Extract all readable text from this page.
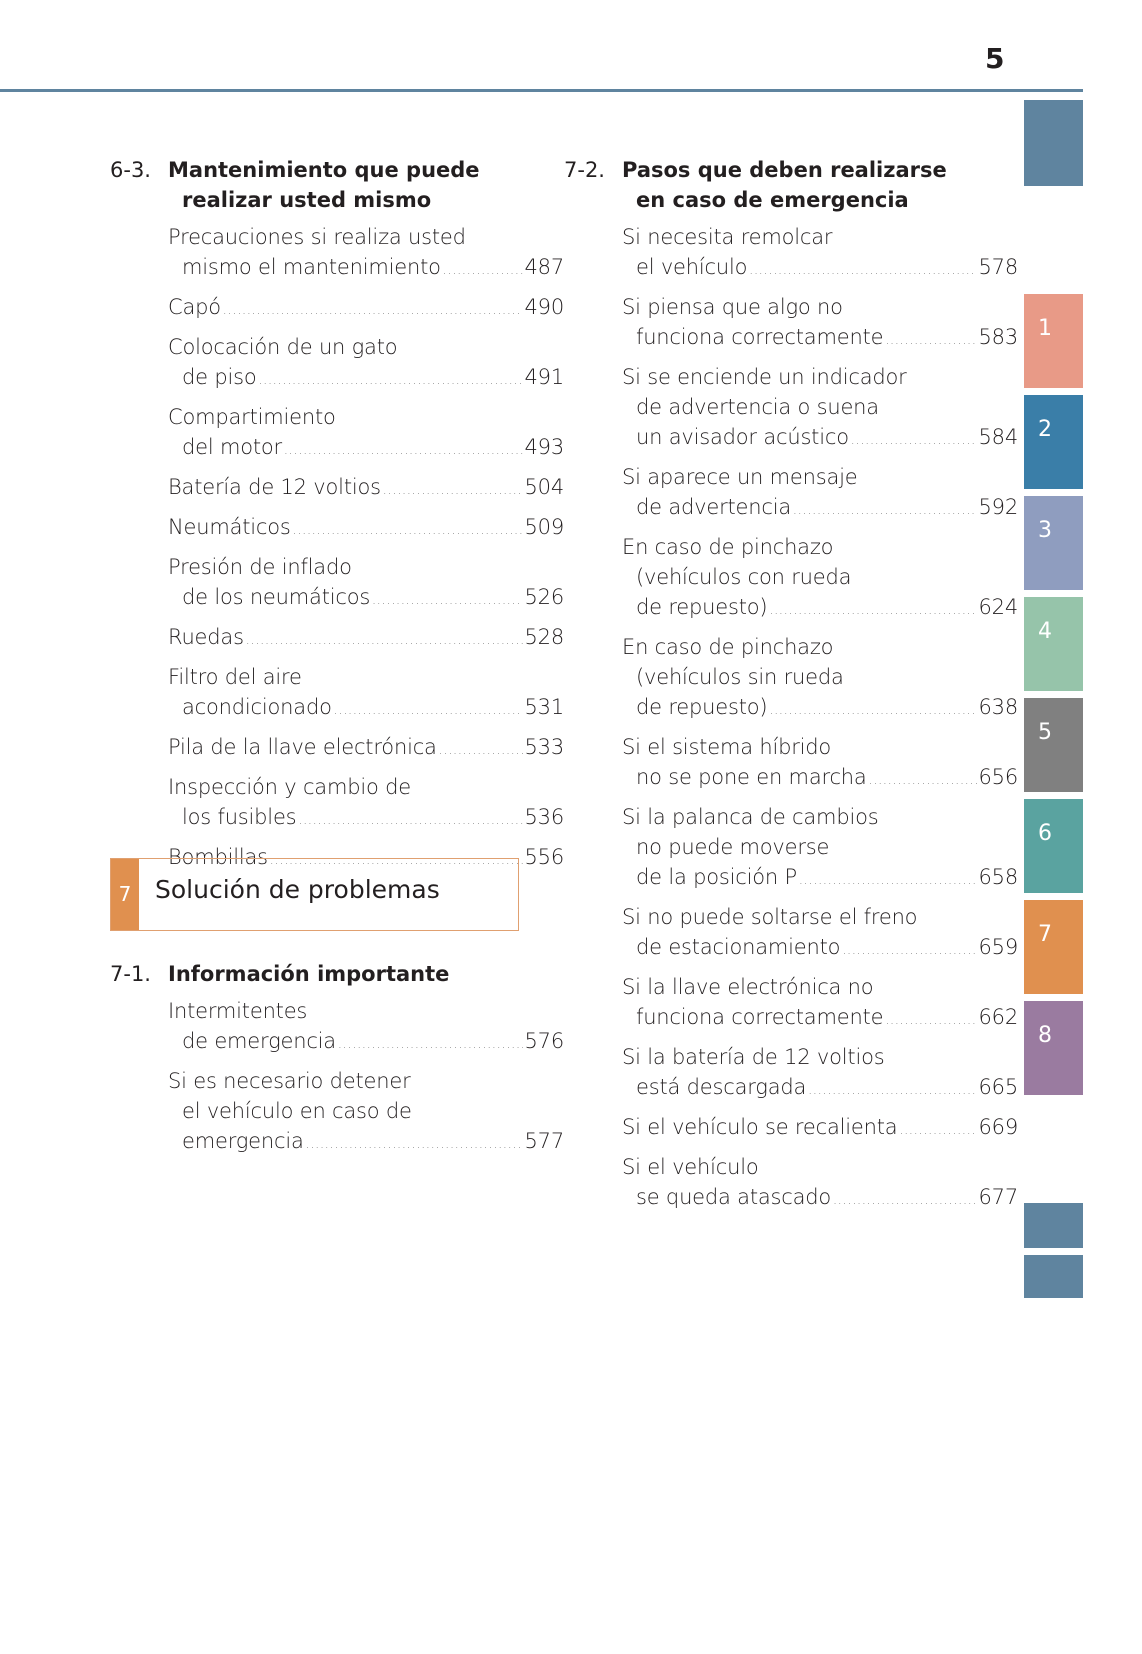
5
1
2
3
4
5
6
7
8
6-3. Mantenimiento que puede
realizar usted mismo
Precauciones si realiza usted
mismo el mantenimiento .....	487
Capó .....	490
Colocación de un gato
de piso .....	491
Compartimiento
del motor .....	493
Batería de 12 voltios .....	504
Neumáticos .....	509
Presión de inflado
de los neumáticos .....	526
Ruedas .....	528
Filtro del aire
acondicionado .....	531
Pila de la llave electrónica .....	533
Inspección y cambio de
los fusibles .....	536
Bombillas .....	556
7 Solución de problemas
7-1. Información importante
Intermitentes
de emergencia .....	576
Si es necesario detener
el vehículo en caso de
emergencia .....	577
7-2. Pasos que deben realizarse
en caso de emergencia
Si necesita remolcar
el vehículo .....	578
Si piensa que algo no
funciona correctamente .....	583
Si se enciende un indicador
de advertencia o suena
un avisador acústico .....	584
Si aparece un mensaje
de advertencia .....	592
En caso de pinchazo
(vehículos con rueda
de repuesto) .....	624
En caso de pinchazo
(vehículos sin rueda
de repuesto) .....	638
Si el sistema híbrido
no se pone en marcha .....	656
Si la palanca de cambios
no puede moverse
de la posición P .....	658
Si no puede soltarse el freno
de estacionamiento .....	659
Si la llave electrónica no
funciona correctamente .....	662
Si la batería de 12 voltios
está descargada .....	665
Si el vehículo se recalienta .....	669
Si el vehículo
se queda atascado .....	677
